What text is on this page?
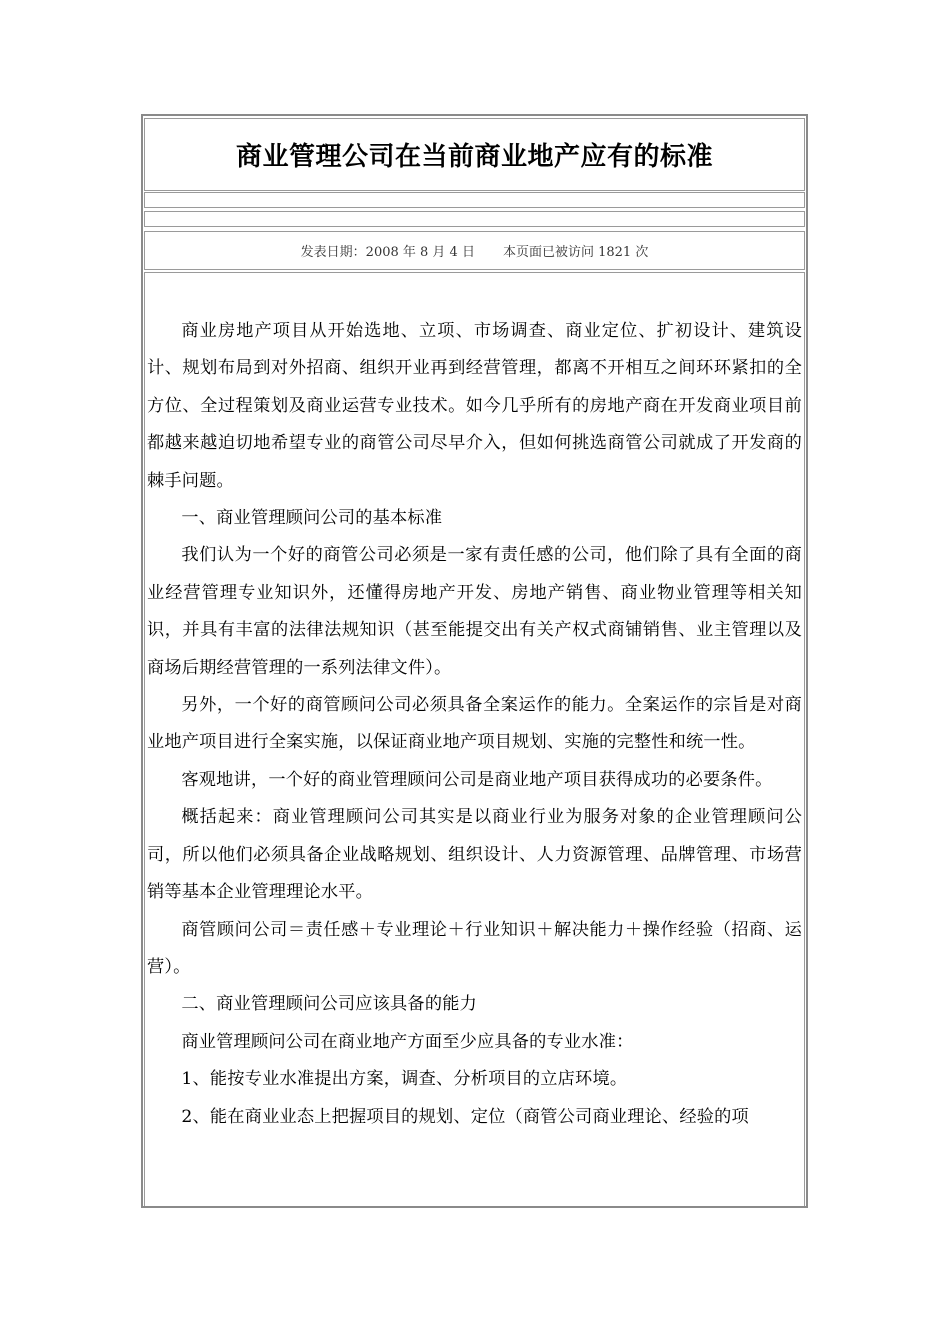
商业管理公司在当前商业地产应有的标准
发表日期：2008 年 8 月 4 日 本页面已被访问 1821 次

商业房地产项目从开始选地、立项、市场调查、商业定位、扩初设计、建筑设计、规划布局到对外招商、组织开业再到经营管理，都离不开相互之间环环紧扣的全方位、全过程策划及商业运营专业技术。如今几乎所有的房地产商在开发商业项目前都越来越迫切地希望专业的商管公司尽早介入，但如何挑选商管公司就成了开发商的棘手问题。

一、商业管理顾问公司的基本标准

我们认为一个好的商管公司必须是一家有责任感的公司，他们除了具有全面的商业经营管理专业知识外，还懂得房地产开发、房地产销售、商业物业管理等相关知识，并具有丰富的法律法规知识（甚至能提交出有关产权式商铺销售、业主管理以及商场后期经营管理的一系列法律文件）。

另外，一个好的商管顾问公司必须具备全案运作的能力。全案运作的宗旨是对商业地产项目进行全案实施，以保证商业地产项目规划、实施的完整性和统一性。

客观地讲，一个好的商业管理顾问公司是商业地产项目获得成功的必要条件。

概括起来：商业管理顾问公司其实是以商业行业为服务对象的企业管理顾问公司，所以他们必须具备企业战略规划、组织设计、人力资源管理、品牌管理、市场营销等基本企业管理理论水平。

商管顾问公司＝责任感＋专业理论＋行业知识＋解决能力＋操作经验（招商、运营）。

二、商业管理顾问公司应该具备的能力

商业管理顾问公司在商业地产方面至少应具备的专业水准：

1、能按专业水准提出方案，调查、分析项目的立店环境。

2、能在商业业态上把握项目的规划、定位（商管公司商业理论、经验的项
